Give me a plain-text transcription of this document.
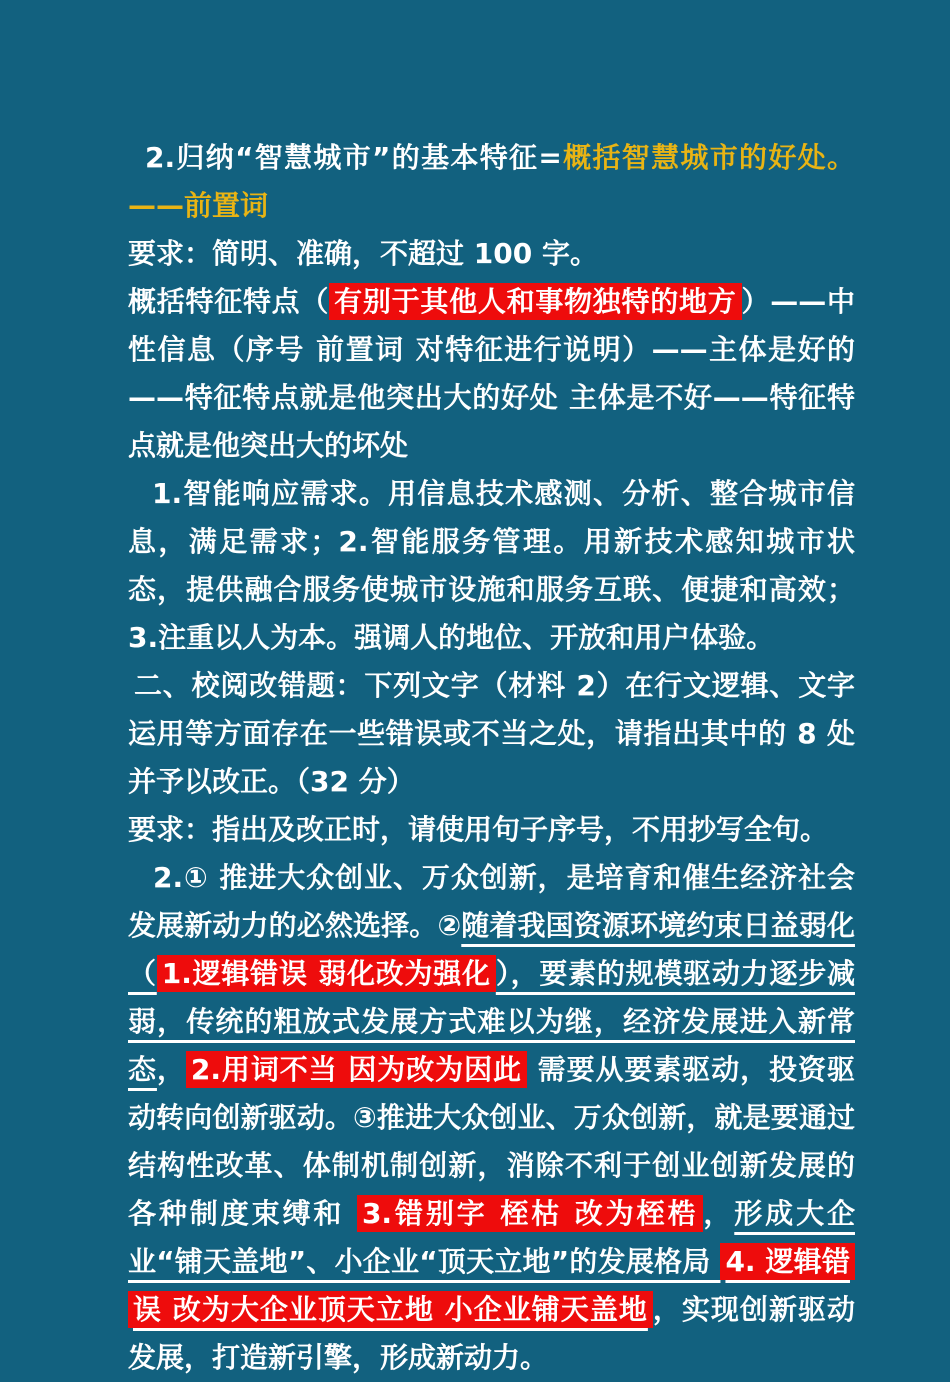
2.归纳“智慧城市”的基本特征=概括智慧城市的好处。——前置词

要求：简明、准确，不超过 100 字。

概括特征特点（ 有别于其他人和事物独特的地方 ）——中性信息（序号 前置词 对特征进行说明）——主体是好的——特征特点就是他突出大的好处 主体是不好——特征特点就是他突出大的坏处

1.智能响应需求。用信息技术感测、分析、整合城市信息，满足需求；2.智能服务管理。用新技术感知城市状态，提供融合服务使城市设施和服务互联、便捷和高效；3.注重以人为本。强调人的地位、开放和用户体验。

二、校阅改错题：下列文字（材料 2）在行文逻辑、文字运用等方面存在一些错误或不当之处，请指出其中的 8 处并予以改正。（32 分）

要求：指出及改正时，请使用句子序号，不用抄写全句。

2.① 推进大众创业、万众创新，是培育和催生经济社会发展新动力的必然选择。②随着我国资源环境约束日益弱化（ 1.逻辑错误 弱化改为强化 ），要素的规模驱动力逐步减弱，传统的粗放式发展方式难以为继，经济发展进入新常态， 2.用词不当 因为改为因此 需要从要素驱动，投资驱动转向创新驱动。③推进大众创业、万众创新，就是要通过结构性改革、体制机制创新，消除不利于创业创新发展的各种制度束缚和 3.错别字 桎枯 改为桎梏 ，形成大企业“铺天盖地”、小企业“顶天立地”的发展格局 4. 逻辑错误 改为大企业顶天立地 小企业铺天盖地 ，实现创新驱动发展，打造新引擎，形成新动力。
